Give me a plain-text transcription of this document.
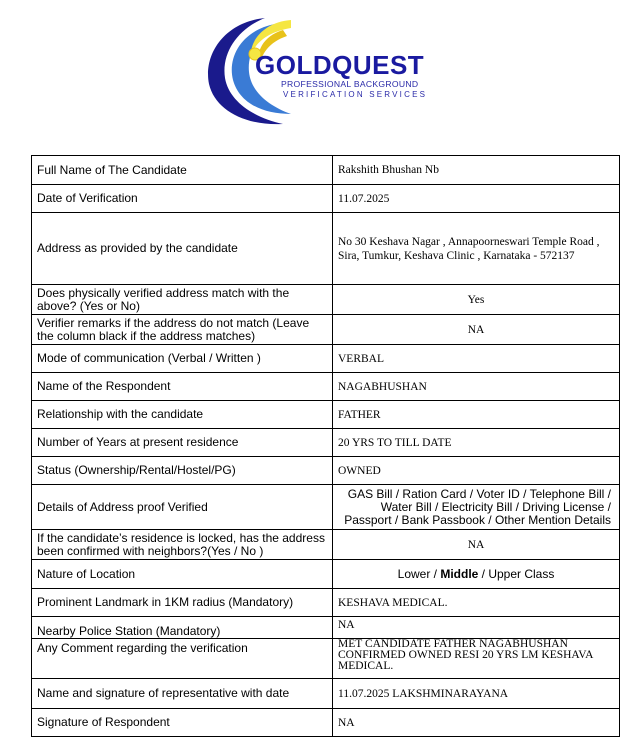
GOLDQUEST
PROFESSIONAL BACKGROUND
VERIFICATION SERVICES
Full Name of The Candidate	Rakshith Bhushan Nb
Date of Verification	11.07.2025
Address as provided by the candidate	No 30 Keshava Nagar , Annapoorneswari Temple Road , Sira, Tumkur, Keshava Clinic , Karnataka - 572137
Does physically verified address match with the above? (Yes or No)	Yes
Verifier remarks if the address do not match (Leave the column black if the address matches)	NA
Mode of communication (Verbal / Written )	VERBAL
Name of the Respondent	NAGABHUSHAN
Relationship with the candidate	FATHER
Number of Years at present residence	20 YRS TO TILL DATE
Status (Ownership/Rental/Hostel/PG)	OWNED
Details of Address proof Verified	GAS Bill / Ration Card / Voter ID / Telephone Bill / Water Bill / Electricity Bill / Driving License / Passport / Bank Passbook / Other Mention Details
If the candidate’s residence is locked, has the address been confirmed with neighbors?(Yes / No )	NA
Nature of Location	Lower / Middle / Upper Class
Prominent Landmark in 1KM radius (Mandatory)	KESHAVA MEDICAL.
Nearby Police Station (Mandatory)	NA
Any Comment regarding the verification	MET CANDIDATE FATHER NAGABHUSHAN CONFIRMED OWNED RESI 20 YRS LM KESHAVA MEDICAL.
Name and signature of representative with date	11.07.2025 LAKSHMINARAYANA
Signature of Respondent	NA
